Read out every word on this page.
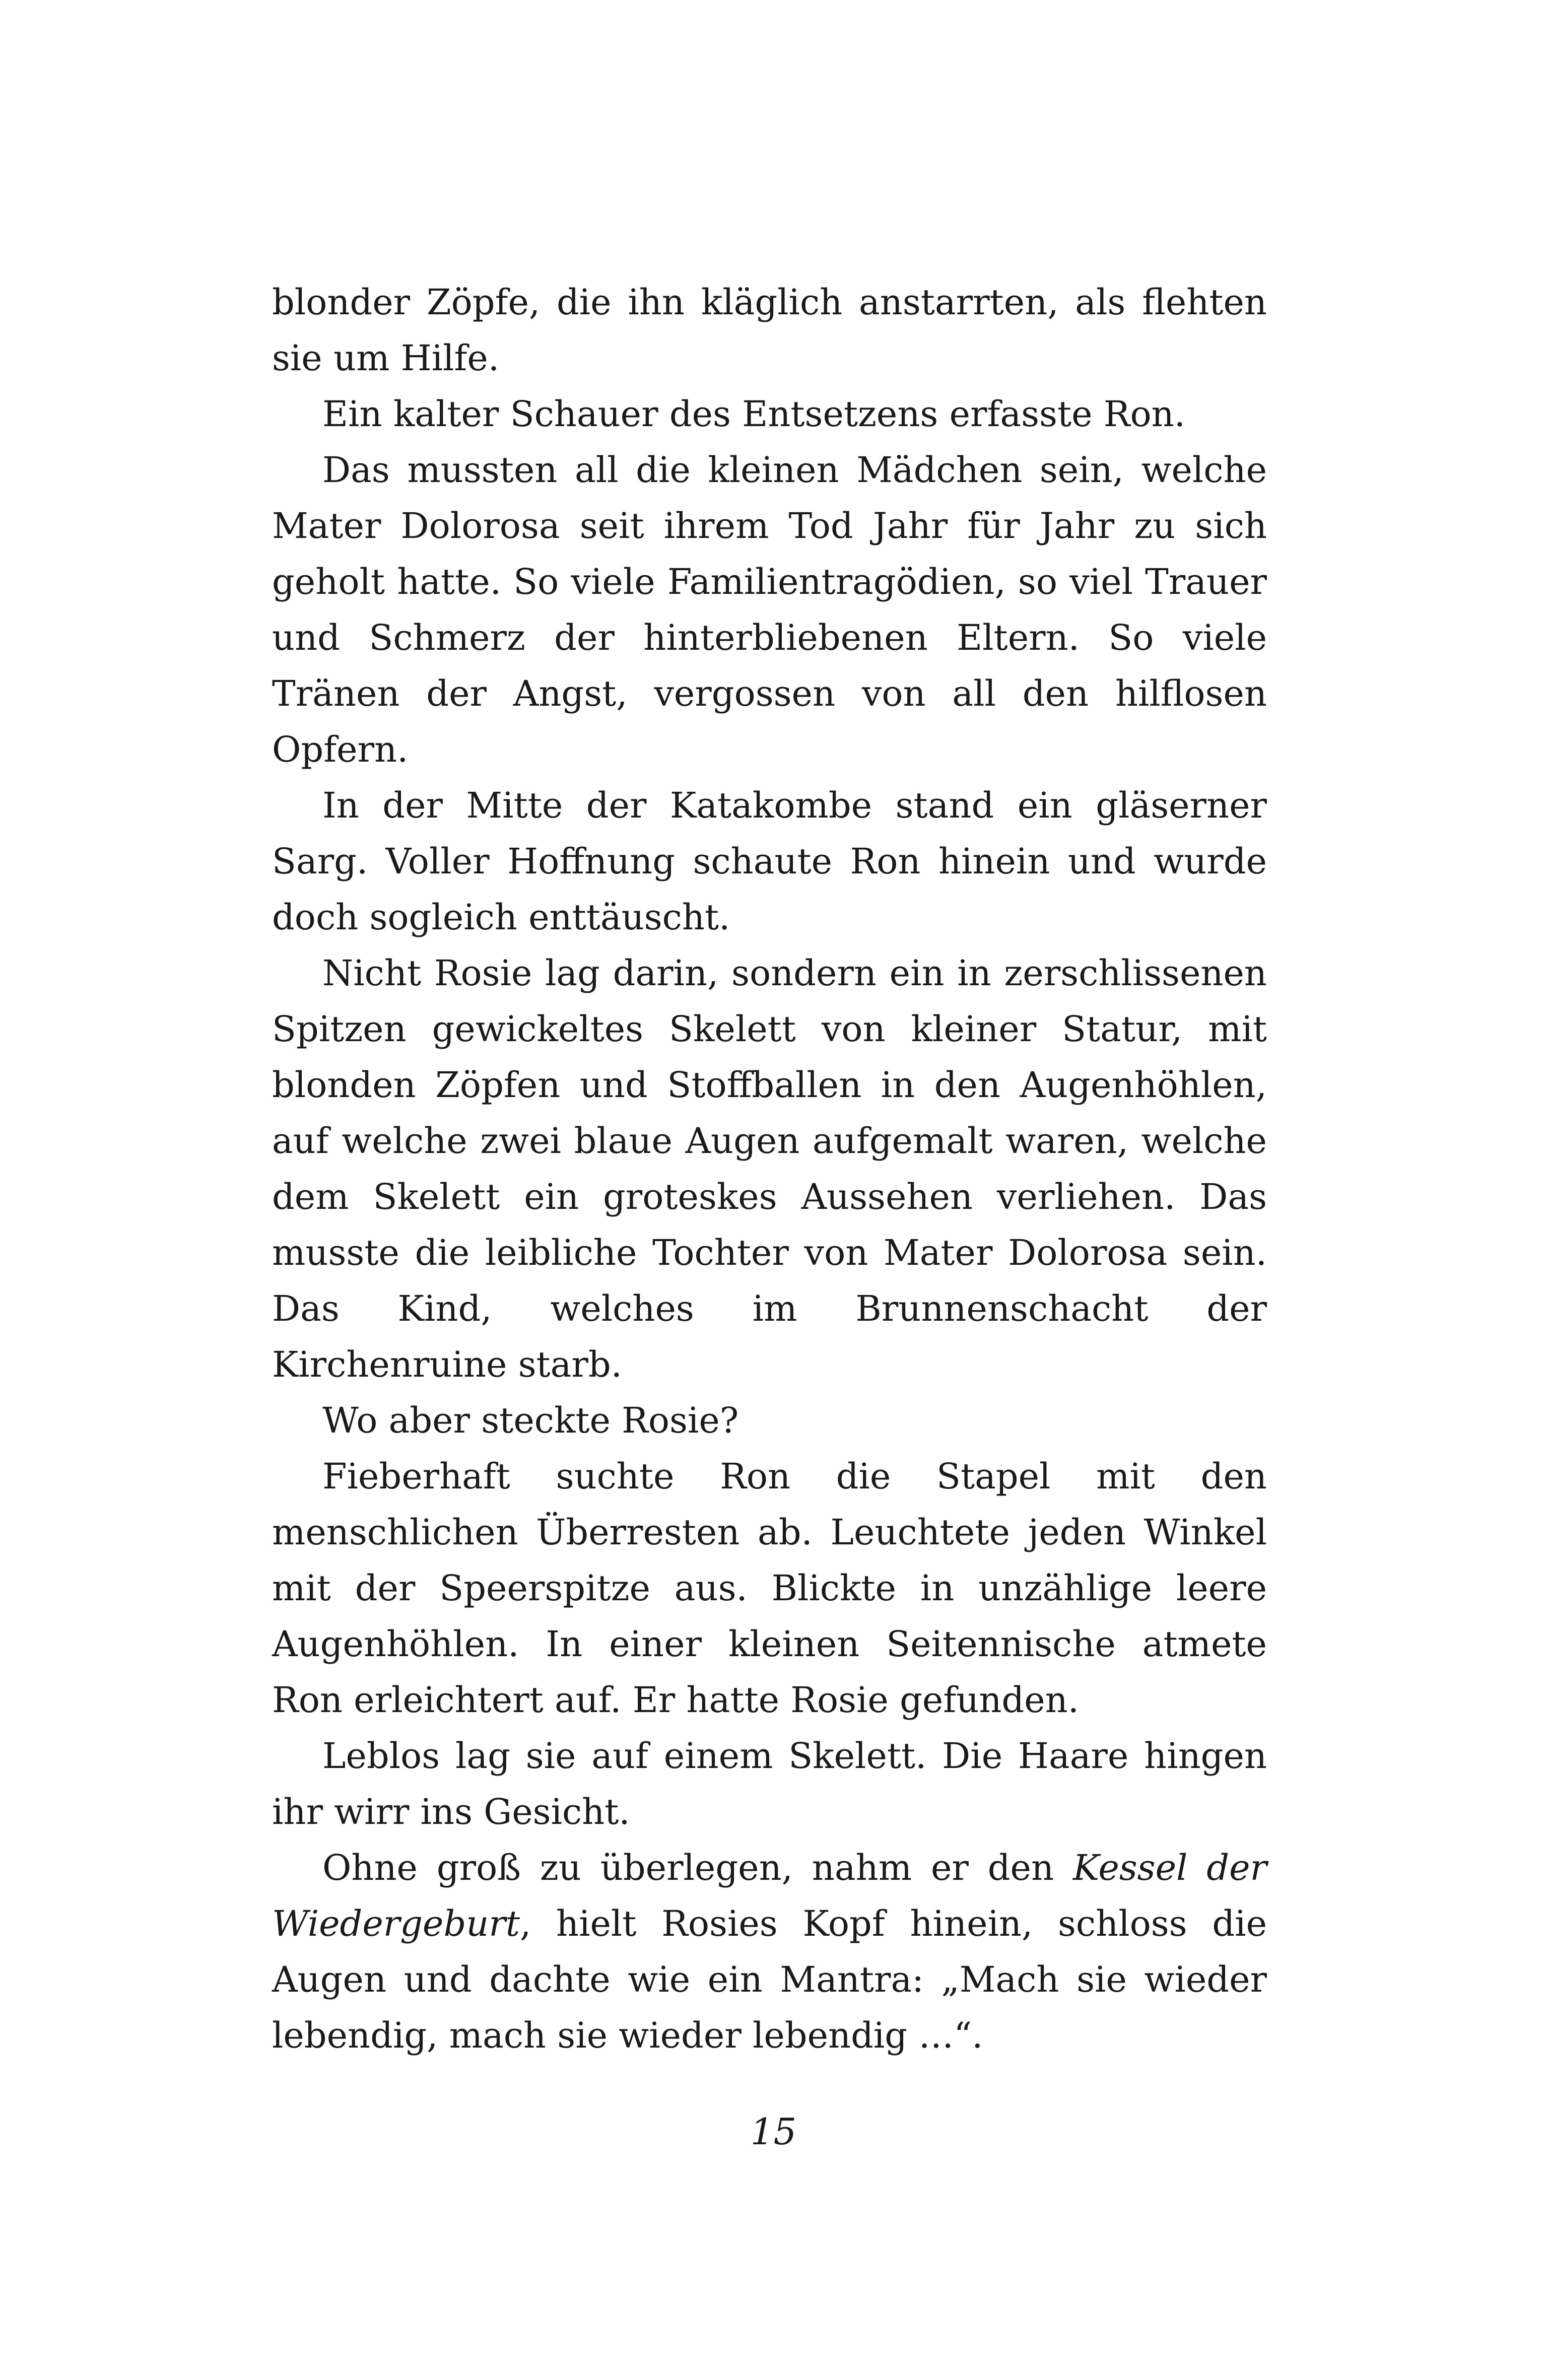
blonder Zöpfe, die ihn kläglich anstarrten, als flehten sie um Hilfe.

Ein kalter Schauer des Entsetzens erfasste Ron.

Das mussten all die kleinen Mädchen sein, welche Mater Dolorosa seit ihrem Tod Jahr für Jahr zu sich geholt hatte. So viele Familientragödien, so viel Trauer und Schmerz der hinterbliebenen Eltern. So viele Tränen der Angst, vergossen von all den hilflosen Opfern.

In der Mitte der Katakombe stand ein gläserner Sarg. Voller Hoffnung schaute Ron hinein und wurde doch sogleich enttäuscht.

Nicht Rosie lag darin, sondern ein in zerschlissenen Spitzen gewickeltes Skelett von kleiner Statur, mit blonden Zöpfen und Stoffballen in den Augenhöhlen, auf welche zwei blaue Augen aufgemalt waren, welche dem Skelett ein groteskes Aussehen verliehen. Das musste die leibliche Tochter von Mater Dolorosa sein. Das Kind, welches im Brunnenschacht der Kirchenruine starb.

Wo aber steckte Rosie?

Fieberhaft suchte Ron die Stapel mit den menschlichen Überresten ab. Leuchtete jeden Winkel mit der Speerspitze aus. Blickte in unzählige leere Augenhöhlen. In einer kleinen Seitennische atmete Ron erleichtert auf. Er hatte Rosie gefunden.

Leblos lag sie auf einem Skelett. Die Haare hingen ihr wirr ins Gesicht.

Ohne groß zu überlegen, nahm er den Kessel der Wiedergeburt, hielt Rosies Kopf hinein, schloss die Augen und dachte wie ein Mantra: „Mach sie wieder lebendig, mach sie wieder lebendig …“.

15
